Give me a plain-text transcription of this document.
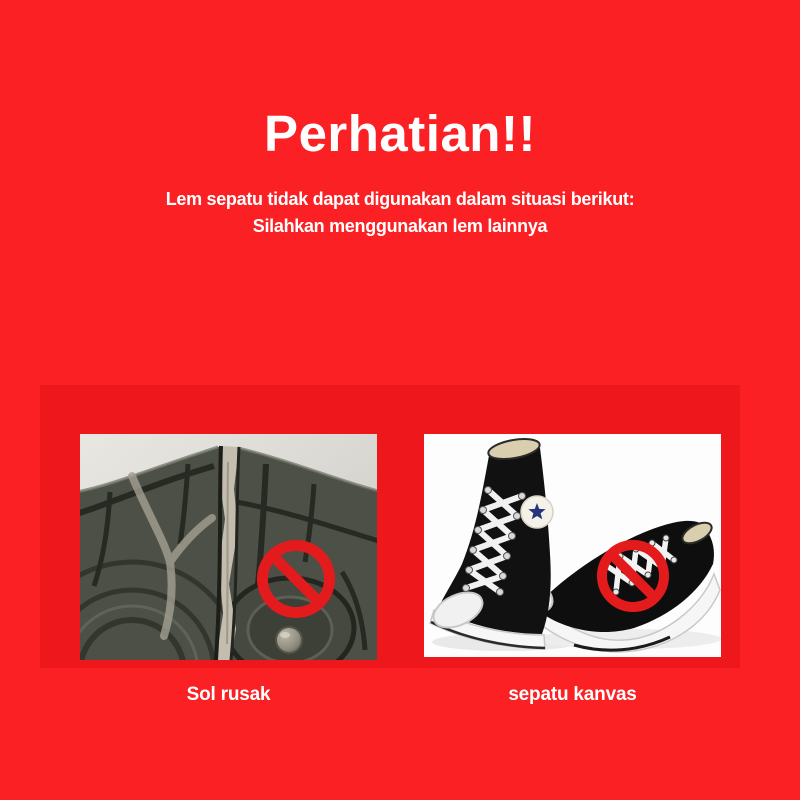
Perhatian!!
Lem sepatu tidak dapat digunakan dalam situasi berikut:
Silahkan menggunakan lem lainnya
Sol rusak	sepatu kanvas
